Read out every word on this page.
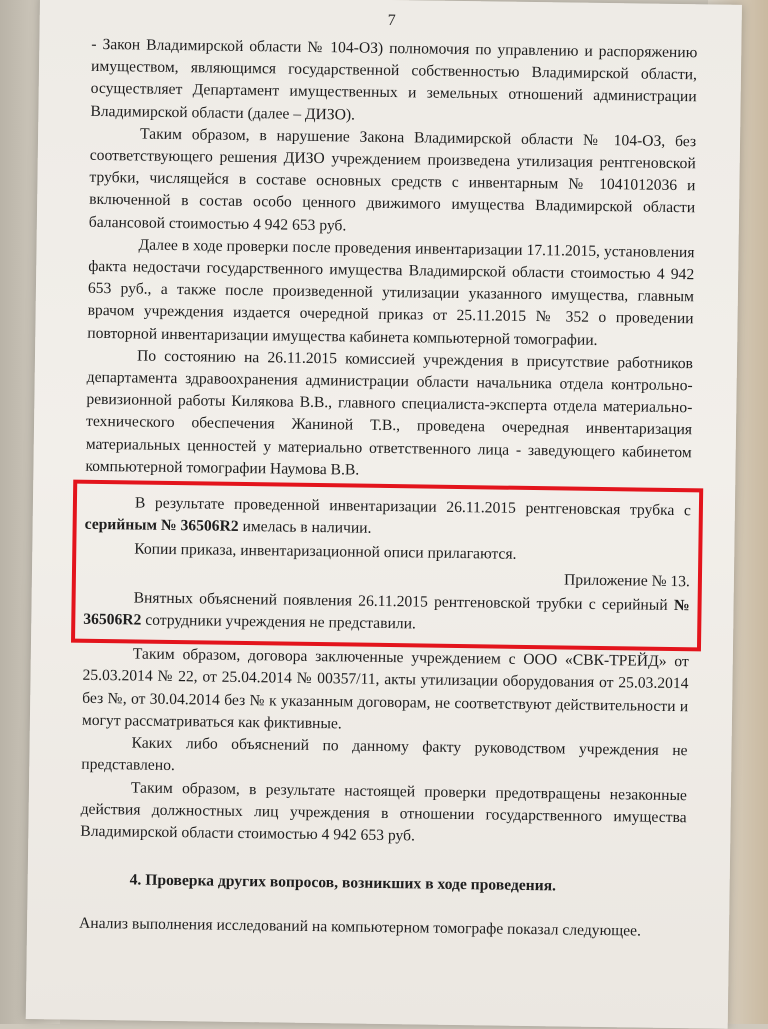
7

- Закон Владимирской области № 104-ОЗ) полномочия по управлению и распоряжению имуществом, являющимся государственной собственностью Владимирской области, осуществляет Департамент имущественных и земельных отношений администрации Владимирской области (далее – ДИЗО).

Таким образом, в нарушение Закона Владимирской области № 104-ОЗ, без соответствующего решения ДИЗО учреждением произведена утилизация рентгеновской трубки, числящейся в составе основных средств с инвентарным № 1041012036 и включенной в состав особо ценного движимого имущества Владимирской области балансовой стоимостью 4 942 653 руб.

Далее в ходе проверки после проведения инвентаризации 17.11.2015, установления факта недостачи государственного имущества Владимирской области стоимостью 4 942 653 руб., а также после произведенной утилизации указанного имущества, главным врачом учреждения издается очередной приказ от 25.11.2015 № 352 о проведении повторной инвентаризации имущества кабинета компьютерной томографии.

По состоянию на 26.11.2015 комиссией учреждения в присутствие работников департамента здравоохранения администрации области начальника отдела контрольно-ревизионной работы Килякова В.В., главного специалиста-эксперта отдела материально-технического обеспечения Жаниной Т.В., проведена очередная инвентаризация материальных ценностей у материально ответственного лица - заведующего кабинетом компьютерной томографии Наумова В.В.

В результате проведенной инвентаризации 26.11.2015 рентгеновская трубка с серийным № 36506R2 имелась в наличии.

Копии приказа, инвентаризационной описи прилагаются.

Приложение № 13.

Внятных объяснений появления 26.11.2015 рентгеновской трубки с серийный № 36506R2 сотрудники учреждения не представили.

Таким образом, договора заключенные учреждением с ООО «СВК-ТРЕЙД» от 25.03.2014 № 22, от 25.04.2014 № 00357/11, акты утилизации оборудования от 25.03.2014 без №, от 30.04.2014 без № к указанным договорам, не соответствуют действительности и могут рассматриваться как фиктивные.

Каких либо объяснений по данному факту руководством учреждения не представлено.

Таким образом, в результате настоящей проверки предотвращены незаконные действия должностных лиц учреждения в отношении государственного имущества Владимирской области стоимостью 4 942 653 руб.

4. Проверка других вопросов, возникших в ходе проведения.

Анализ выполнения исследований на компьютерном томографе показал следующее.
